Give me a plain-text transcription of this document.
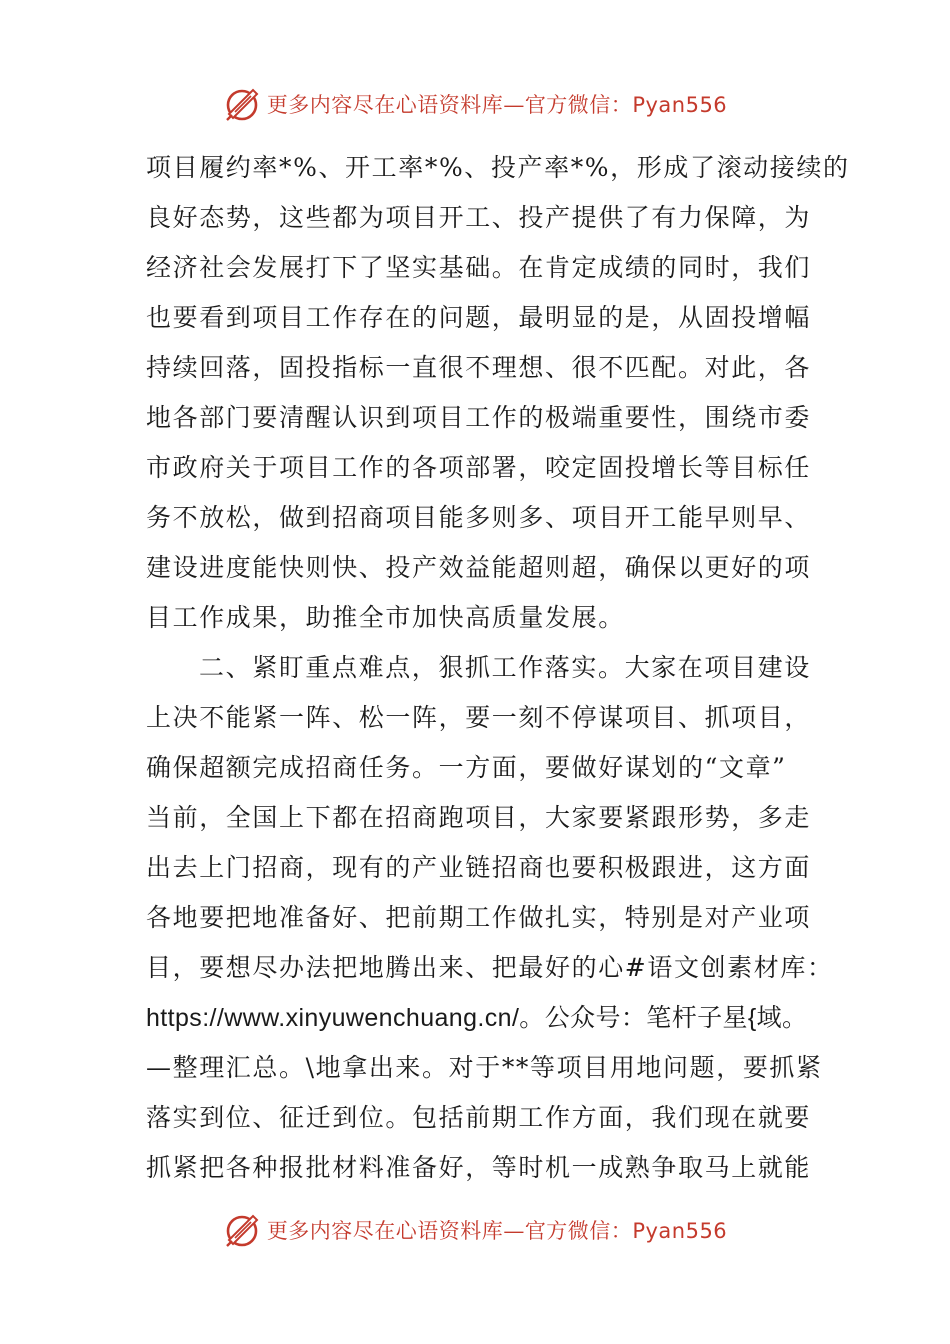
更多内容尽在心语资料库—官方微信：Pyan556
项目履约率*%、开工率*%、投产率*%，形成了滚动接续的
良好态势，这些都为项目开工、投产提供了有力保障，为
经济社会发展打下了坚实基础。在肯定成绩的同时，我们
也要看到项目工作存在的问题，最明显的是，从固投增幅
持续回落，固投指标一直很不理想、很不匹配。对此，各
地各部门要清醒认识到项目工作的极端重要性，围绕市委
市政府关于项目工作的各项部署，咬定固投增长等目标任
务不放松，做到招商项目能多则多、项目开工能早则早、
建设进度能快则快、投产效益能超则超，确保以更好的项
目工作成果，助推全市加快高质量发展。
二、紧盯重点难点，狠抓工作落实。大家在项目建设
上决不能紧一阵、松一阵，要一刻不停谋项目、抓项目，
确保超额完成招商任务。一方面，要做好谋划的“文章”
当前，全国上下都在招商跑项目，大家要紧跟形势，多走
出去上门招商，现有的产业链招商也要积极跟进，这方面
各地要把地准备好、把前期工作做扎实，特别是对产业项
目，要想尽办法把地腾出来、把最好的心#语文创素材库：
https://www.xinyuwenchuang.cn/。公众号：笔杆子星{域。
—整理汇总。\地拿出来。对于**等项目用地问题，要抓紧
落实到位、征迁到位。包括前期工作方面，我们现在就要
抓紧把各种报批材料准备好，等时机一成熟争取马上就能
更多内容尽在心语资料库—官方微信：Pyan556
